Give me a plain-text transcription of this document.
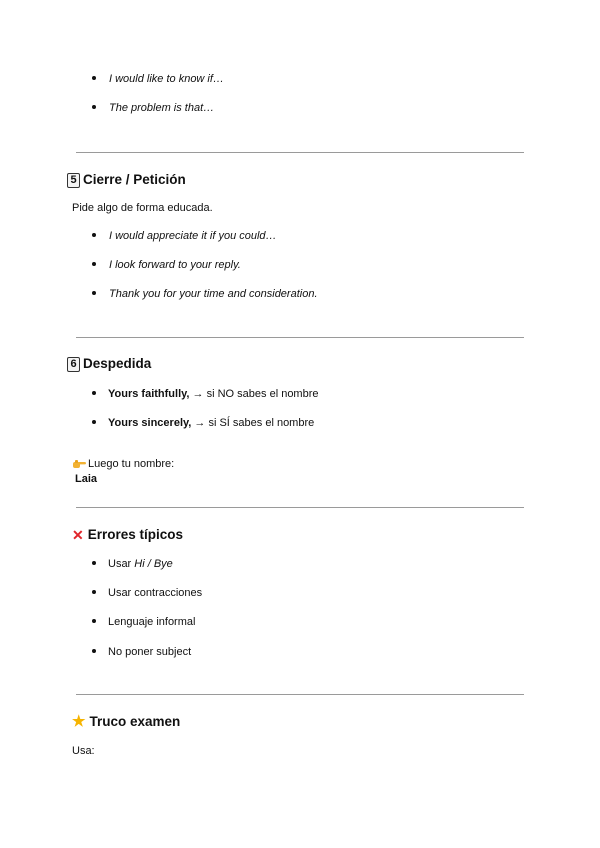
I would like to know if…
The problem is that…
5 Cierre / Petición
Pide algo de forma educada.
I would appreciate it if you could…
I look forward to your reply.
Thank you for your time and consideration.
6 Despedida
Yours faithfully, → si NO sabes el nombre
Yours sincerely, → si SÍ sabes el nombre
Luego tu nombre:
Laia
✕ Errores típicos
Usar Hi / Bye
Usar contracciones
Lenguaje informal
No poner subject
★ Truco examen
Usa:
